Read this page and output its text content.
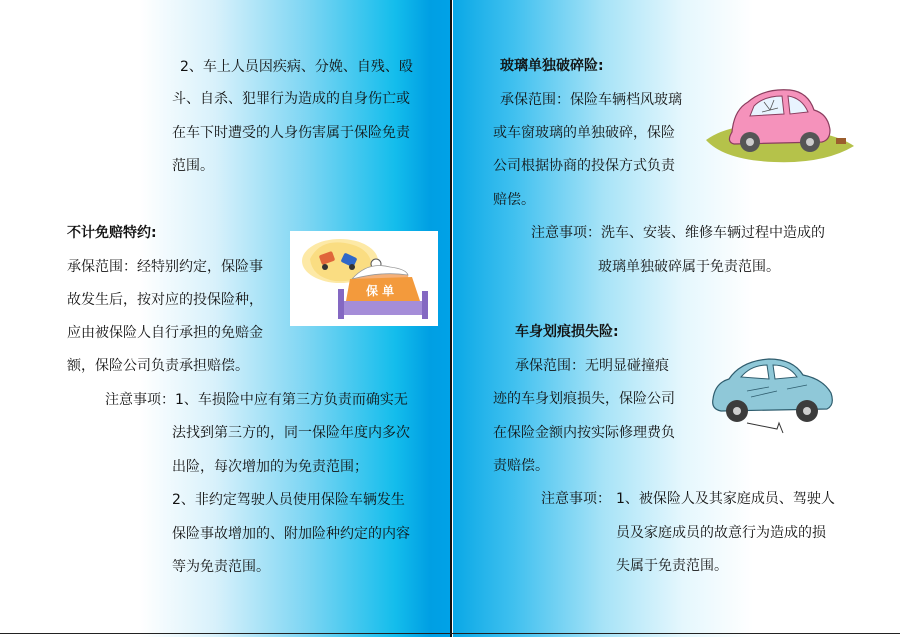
2、车上人员因疾病、分娩、自残、殴
斗、自杀、犯罪行为造成的自身伤亡或
在车下时遭受的人身伤害属于保险免责
范围。
不计免赔特约:
承保范围：经特别约定，保险事
故发生后，按对应的投保险种，
应由被保险人自行承担的免赔金
额，保险公司负责承担赔偿。
注意事项： 1、车损险中应有第三方负责而确实无
法找到第三方的，同一保险年度内多次
出险，每次增加的为免责范围；
2、非约定驾驶人员使用保险车辆发生
保险事故增加的、附加险种约定的内容
等为免责范围。
保 单
玻璃单独破碎险:
承保范围：保险车辆档风玻璃
或车窗玻璃的单独破碎，保险
公司根据协商的投保方式负责
赔偿。
注意事项：洗车、安装、维修车辆过程中造成的
玻璃单独破碎属于免责范围。
车身划痕损失险:
承保范围：无明显碰撞痕
迹的车身划痕损失，保险公司
在保险金额内按实际修理费负
责赔偿。
注意事项： 1、被保险人及其家庭成员、驾驶人
员及家庭成员的故意行为造成的损
失属于免责范围。
